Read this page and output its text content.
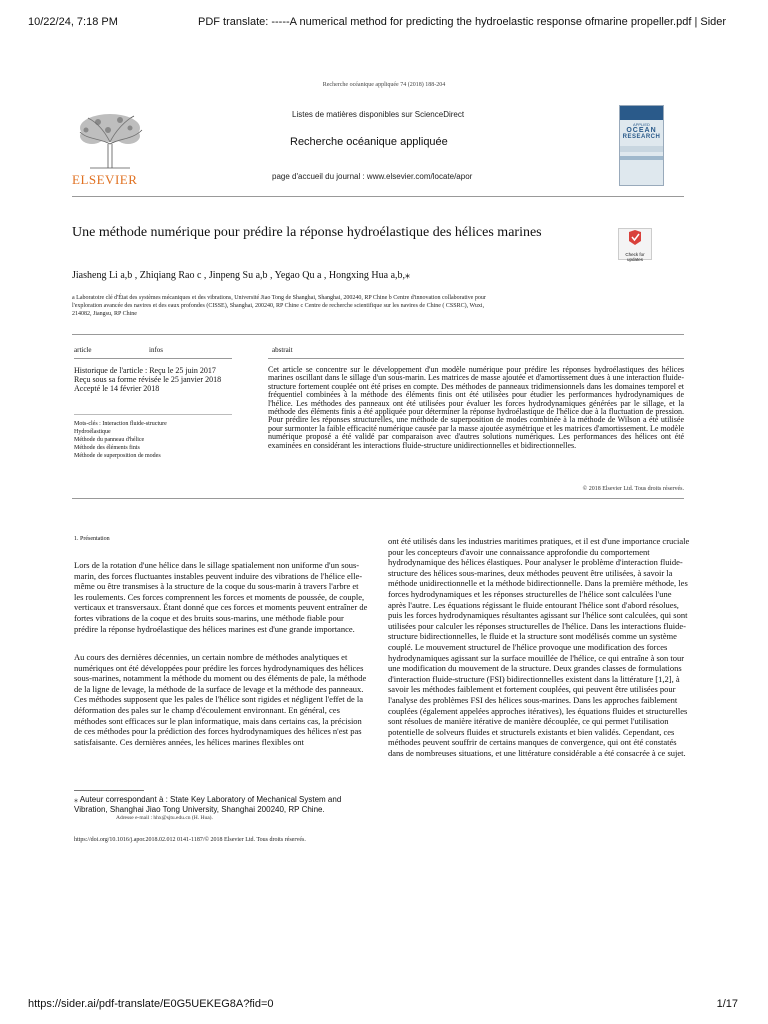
10/22/24, 7:18 PM	PDF translate: -----A numerical method for predicting the hydroelastic response ofmarine propeller.pdf | Sider
https://sider.ai/pdf-translate/E0G5UEKEG8A?fid=0	1/17
Recherche océanique appliquée 74 (2018) 188-204
ELSEVIER
Listes de matières disponibles sur ScienceDirect
Recherche océanique appliquée
page d'accueil du journal : www.elsevier.com/locate/apor
APPLIED
OCEAN
RESEARCH
Une méthode numérique pour prédire la réponse hydroélastique des hélices marines
Check for updates
Jiasheng Li a,b , Zhiqiang Rao c , Jinpeng Su a,b , Yegao Qu a , Hongxing Hua a,b,⁎
a Laboratoire clé d'État des systèmes mécaniques et des vibrations, Université Jiao Tong de Shanghai, Shanghai, 200240, RP Chine b Centre d'innovation collaborative pour l'exploration avancée des navires et des eaux profondes (CISSE), Shanghai, 200240, RP Chine c Centre de recherche scientifique sur les navires de Chine ( CSSRC), Wuxi, 214082, Jiangsu, RP Chine
article	infos	abstrait
Historique de l'article : Reçu le 25 juin 2017 Reçu sous sa forme révisée le 25 janvier 2018 Accepté le 14 février 2018
Mots-clés : Interaction fluide-structure
Hydroélastique
Méthode du panneau d'hélice
Méthode des éléments finis
Méthode de superposition de modes
Cet article se concentre sur le développement d'un modèle numérique pour prédire les réponses hydroélastiques des hélices marines oscillant dans le sillage d'un sous-marin. Les matrices de masse ajoutée et d'amortissement dues à une interaction fluide-structure fortement couplée ont été prises en compte. Des méthodes de panneaux tridimensionnels dans les domaines temporel et fréquentiel combinées à la méthode des éléments finis ont été utilisées pour étudier les performances hydrodynamiques de l'hélice. Les méthodes des panneaux ont été utilisées pour évaluer les forces hydrodynamiques générées par le sillage, et la méthode des éléments finis a été appliquée pour déterminer la réponse hydroélastique de l'hélice due à la fluctuation de pression. Pour prédire les réponses structurelles, une méthode de superposition de modes combinée à la méthode de Wilson a été utilisée pour surmonter la faible efficacité numérique causée par la masse ajoutée asymétrique et les matrices d'amortissement. Le modèle numérique proposé a été validé par comparaison avec d'autres solutions numériques. Les performances des hélices ont été examinées en considérant les interactions fluide-structure unidirectionnelles et bidirectionnelles.
© 2018 Elsevier Ltd. Tous droits réservés.
1. Présentation

Lors de la rotation d'une hélice dans le sillage spatialement non uniforme d'un sous-marin, des forces fluctuantes instables peuvent induire des vibrations de l'hélice elle-même ou être transmises à la structure de la coque du sous-marin à travers l'arbre et les roulements. Ces forces comprennent les forces et moments de poussée, de couple, verticaux et transversaux. Étant donné que ces forces et moments peuvent entraîner de fortes vibrations de la coque et des bruits sous-marins, une méthode fiable pour prédire la réponse hydroélastique des hélices marines est d'une grande importance.

Au cours des dernières décennies, un certain nombre de méthodes analytiques et numériques ont été développées pour prédire les forces hydrodynamiques des hélices sous-marines, notamment la méthode du moment ou des éléments de pale, la méthode de la ligne de levage, la méthode de la surface de levage et la méthode des panneaux. Ces méthodes supposent que les pales de l'hélice sont rigides et négligent l'effet de la déformation des pales sur le champ d'écoulement environnant. En général, ces méthodes sont efficaces sur le plan informatique, mais dans certains cas, la précision de ces méthodes pour la prédiction des forces hydrodynamiques des hélices n'est pas satisfaisante. Ces dernières années, les hélices marines flexibles ont

ont été utilisés dans les industries maritimes pratiques, et il est d'une importance cruciale pour les concepteurs d'avoir une connaissance approfondie du comportement hydrodynamique des hélices élastiques. Pour analyser le problème d'interaction fluide-structure des hélices sous-marines, deux méthodes peuvent être utilisées, à savoir la méthode unidirectionnelle et la méthode bidirectionnelle. Dans la première méthode, les forces hydrodynamiques et les réponses structurelles de l'hélice sont calculées l'une après l'autre. Les équations régissant le fluide entourant l'hélice sont d'abord résolues, puis les forces hydrodynamiques résultantes agissant sur l'hélice sont calculées, qui sont utilisées pour calculer les réponses structurelles de l'hélice. Dans les interactions fluide-structure bidirectionnelles, le fluide et la structure sont modélisés comme un système couplé. Le mouvement structurel de l'hélice provoque une modification des forces hydrodynamiques agissant sur la surface mouillée de l'hélice, ce qui entraîne à son tour une modification du mouvement de la structure. Deux grandes classes de formulations d'interaction fluide-structure (FSI) bidirectionnelles existent dans la littérature [1,2], à savoir les méthodes faiblement et fortement couplées, qui peuvent être utilisées pour l'analyse des problèmes FSI des hélices sous-marines. Dans les approches faiblement couplées (également appelées approches itératives), les équations fluides et structurelles sont résolues de manière itérative de manière découplée, ce qui permet l'utilisation potentielle de solveurs fluides et structurels existants et bien validés. Cependant, ces méthodes peuvent souffrir de certains manques de convergence, qui ont été constatés dans de nombreuses situations, et une littérature considérable a été consacrée à ce sujet.

⁎ Auteur correspondant à : State Key Laboratory of Mechanical System and Vibration, Shanghai Jiao Tong University, Shanghai 200240, RP Chine.
Adresse e-mail : hhx@sjtu.edu.cn (H. Hua).
https://doi.org/10.1016/j.apor.2018.02.012 0141-1187/© 2018 Elsevier Ltd. Tous droits réservés.
